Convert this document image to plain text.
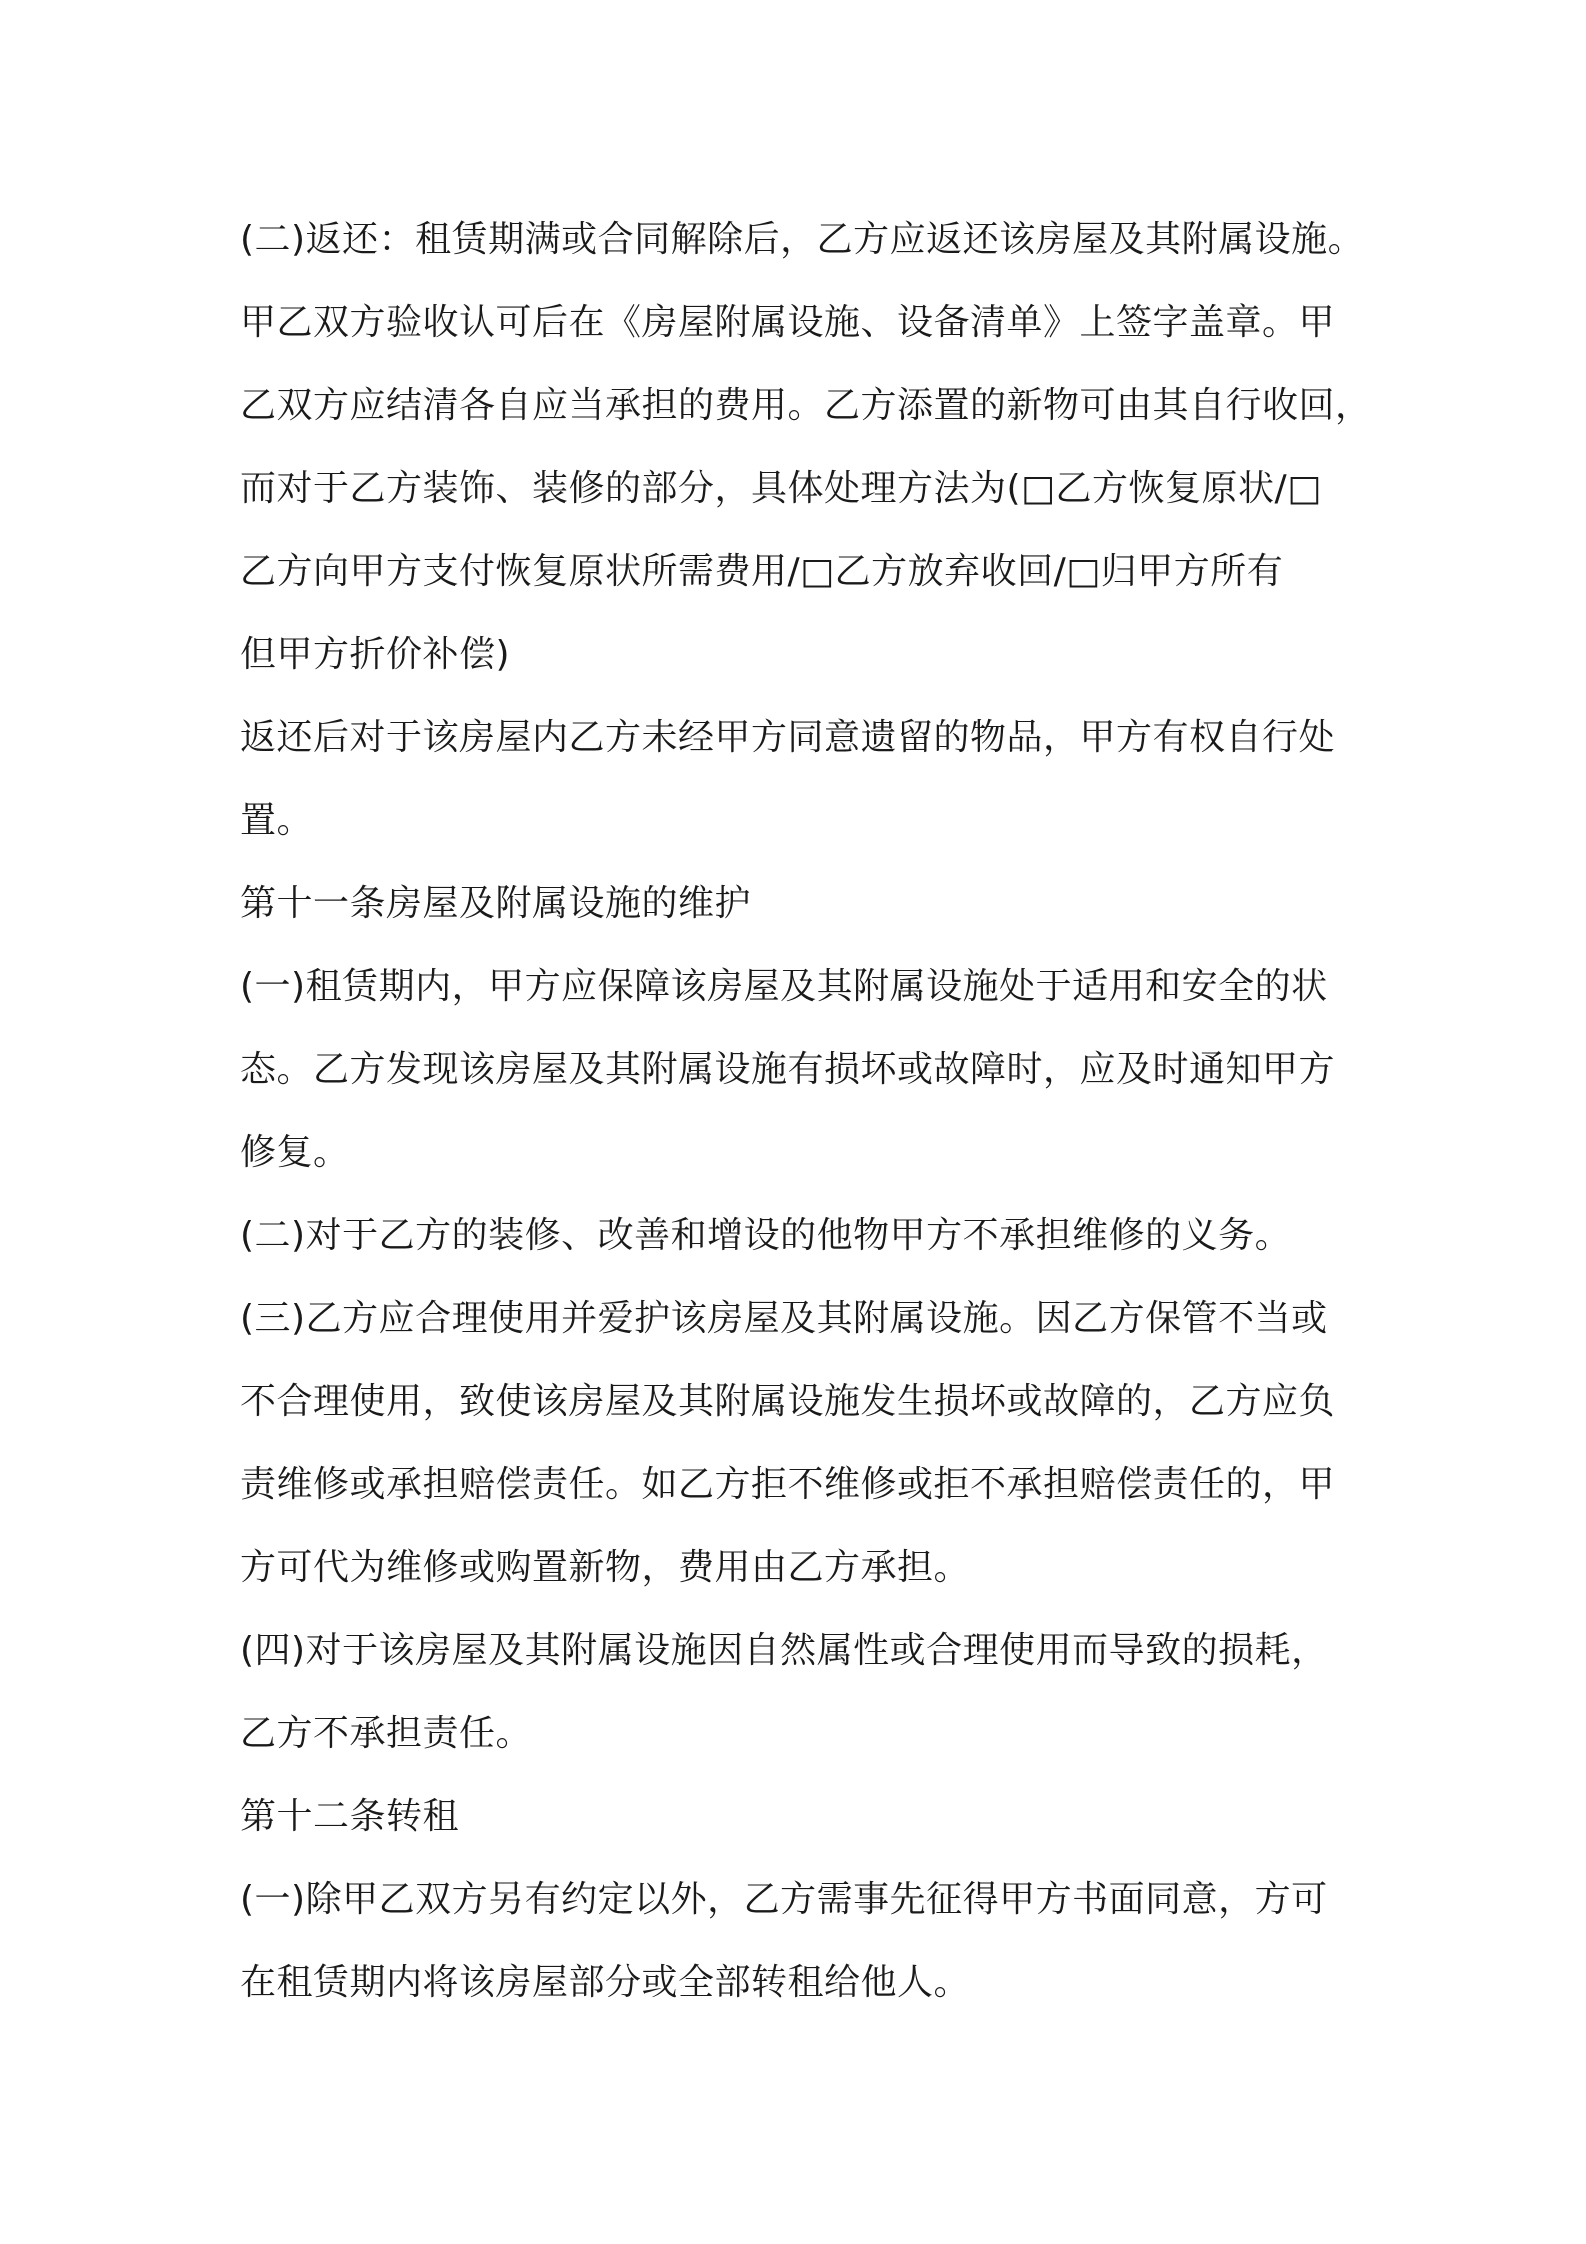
(二)返还：租赁期满或合同解除后，乙方应返还该房屋及其附属设施。
甲乙双方验收认可后在《房屋附属设施、设备清单》上签字盖章。甲
乙双方应结清各自应当承担的费用。乙方添置的新物可由其自行收回，
而对于乙方装饰、装修的部分，具体处理方法为(□乙方恢复原状/□
乙方向甲方支付恢复原状所需费用/□乙方放弃收回/□归甲方所有
但甲方折价补偿)
返还后对于该房屋内乙方未经甲方同意遗留的物品，甲方有权自行处
置。
第十一条房屋及附属设施的维护
(一)租赁期内，甲方应保障该房屋及其附属设施处于适用和安全的状
态。乙方发现该房屋及其附属设施有损坏或故障时，应及时通知甲方
修复。
(二)对于乙方的装修、改善和增设的他物甲方不承担维修的义务。
(三)乙方应合理使用并爱护该房屋及其附属设施。因乙方保管不当或
不合理使用，致使该房屋及其附属设施发生损坏或故障的，乙方应负
责维修或承担赔偿责任。如乙方拒不维修或拒不承担赔偿责任的，甲
方可代为维修或购置新物，费用由乙方承担。
(四)对于该房屋及其附属设施因自然属性或合理使用而导致的损耗，
乙方不承担责任。
第十二条转租
(一)除甲乙双方另有约定以外，乙方需事先征得甲方书面同意，方可
在租赁期内将该房屋部分或全部转租给他人。
